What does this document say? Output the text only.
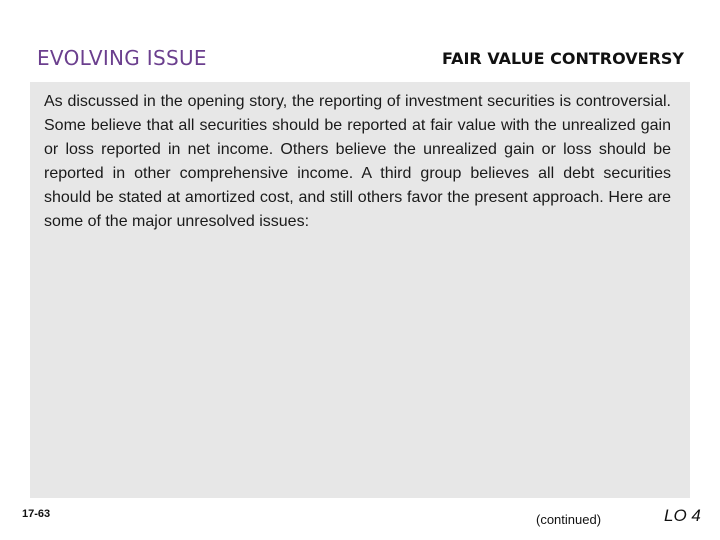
EVOLVING ISSUE	FAIR VALUE CONTROVERSY
As discussed in the opening story, the reporting of investment securities is controversial. Some believe that all securities should be reported at fair value with the unrealized gain or loss reported in net income. Others believe the unrealized gain or loss should be reported in other comprehensive income. A third group believes all debt securities should be stated at amortized cost, and still others favor the present approach. Here are some of the major unresolved issues:
17-63	(continued)	LO 4
